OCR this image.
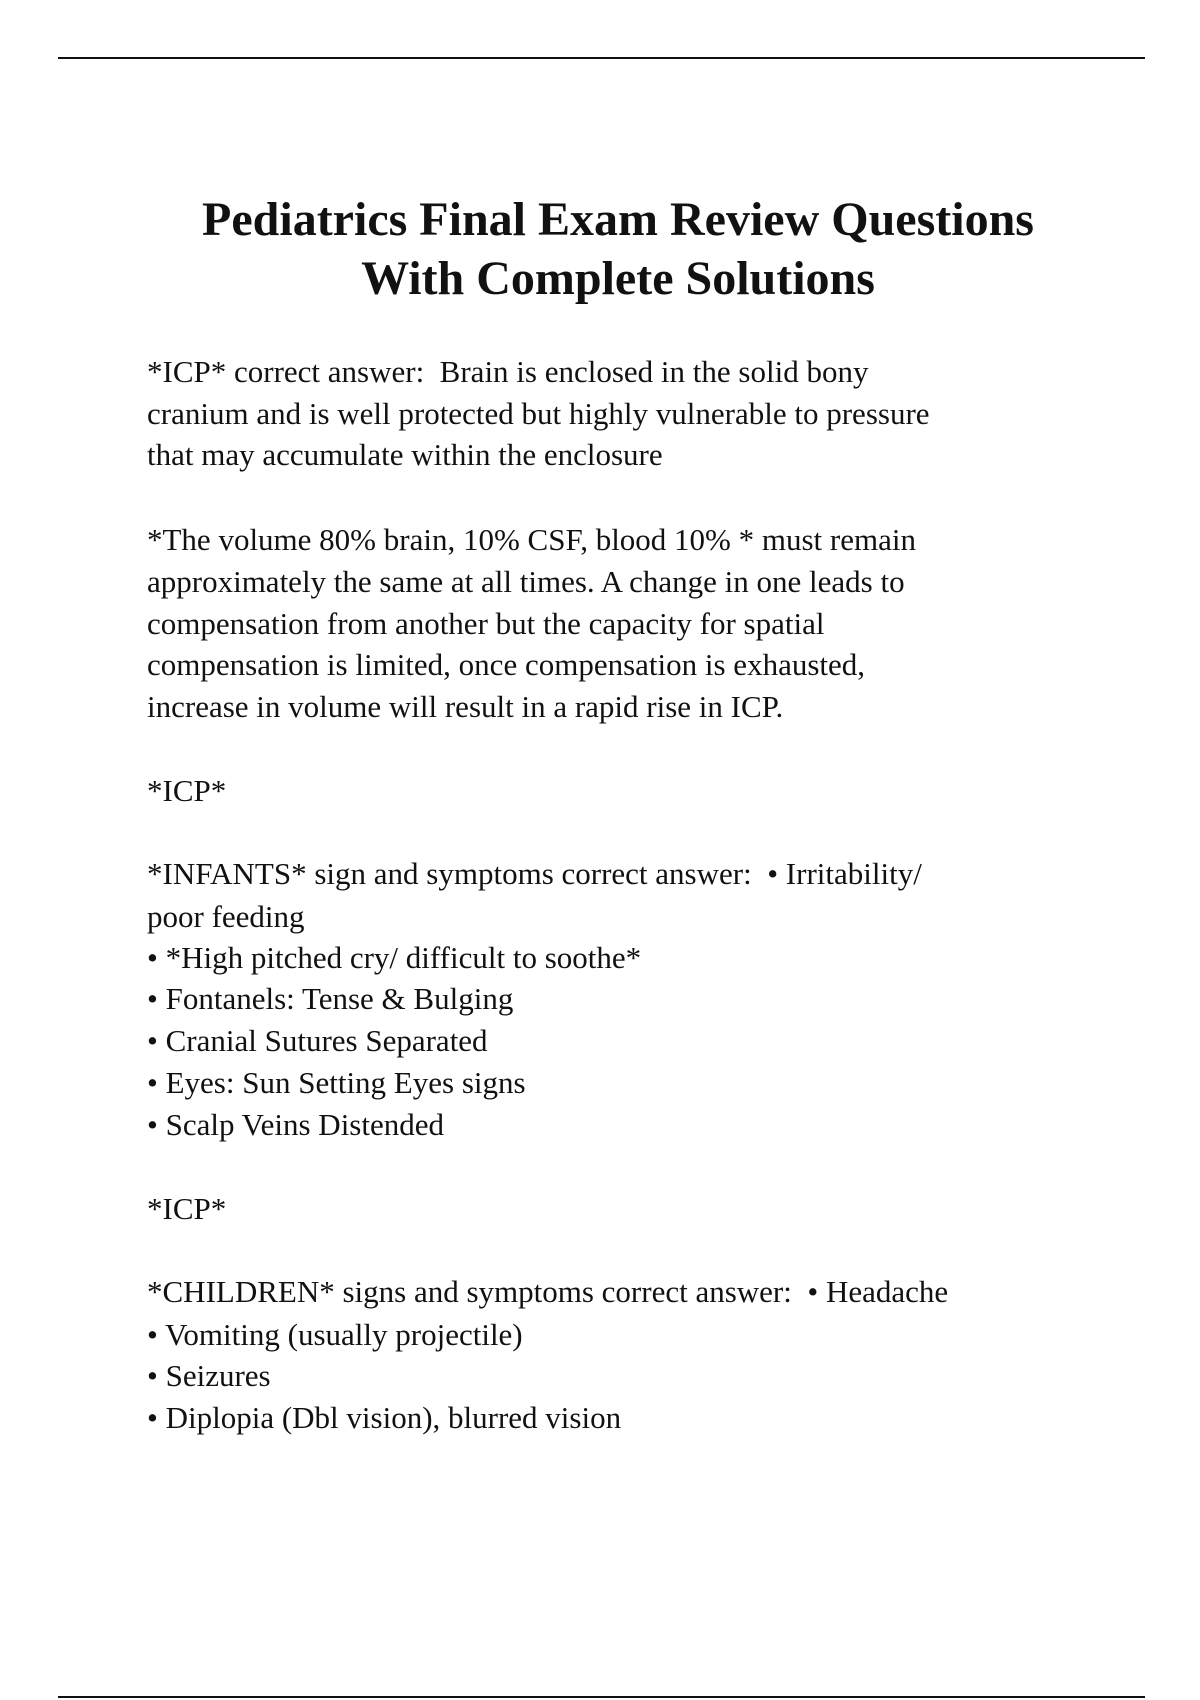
Pediatrics Final Exam Review Questions
With Complete Solutions
*ICP* correct answer:  Brain is enclosed in the solid bony
cranium and is well protected but highly vulnerable to pressure
that may accumulate within the enclosure
*The volume 80% brain, 10% CSF, blood 10% * must remain
approximately the same at all times. A change in one leads to
compensation from another but the capacity for spatial
compensation is limited, once compensation is exhausted,
increase in volume will result in a rapid rise in ICP.
*ICP*
*INFANTS* sign and symptoms correct answer:  • Irritability/
poor feeding
• *High pitched cry/ difficult to soothe*
• Fontanels: Tense & Bulging
• Cranial Sutures Separated
• Eyes: Sun Setting Eyes signs
• Scalp Veins Distended
*ICP*
*CHILDREN* signs and symptoms correct answer:  • Headache
• Vomiting (usually projectile)
• Seizures
• Diplopia (Dbl vision), blurred vision
